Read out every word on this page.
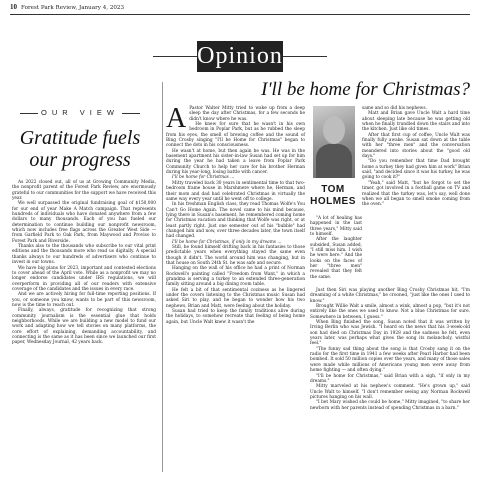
10 Forest Park Review, January 4, 2023
Opinion
OUR VIEW
Gratitude fuels our progress

As 2022 closed out, all of us at Growing Community Media, the nonprofit parent of the Forest Park Review, are enormously grateful to our communities for the support we have received this year.

We well surpassed the original fundraising goal of $150,000 for our end of year Make A Match campaign. That represents hundreds of individuals who have donated anywhere from a few dollars to many thousands. Each of you has fueled our determination to continue building our nonprofit newsroom, which now includes free flags across the Greater West Side — from Garfield Park to Oak Park, from Maywood and Proviso to Forest Park and Riverside.

Thanks also to the thousands who subscribe to our vital print editions and the thousands more who read us digitally. A special thanks always to our hundreds of advertisers who continue to invest in our towns.

We have big plans for 2023, important and contested elections to cover ahead of the April vote. While as a nonprofit we may no longer endorse candidates under IRS regulations, we will overperform in providing all of our readers with extensive coverage of the candidates and the issues in every race.

And we are actively hiring for full-time reporting positions. If you, or someone you know, wants to be part of this newsroom, now is the time to reach out.

Finally, always, gratitude for recognizing that strong community journalism is the essential glue that holds neighborhoods. While we are building a new model to fund our work and adapting how we tell stories on many platforms, the core effort of explaining, demanding accountability, and connecting is the same as it has been since we launched our first paper, Wednesday Journal, 42 years back.

I'll be home for Christmas?
A Pastor Walter Mitty tried to wake up from a deep sleep the day after Christmas, for a few seconds he didn't know where he was.

He knew for sure that he wasn't in his own bedroom in Poplar Park, but as he rubbed the sleep from his eyes, the smell of brewing coffee and the sound of Bing Crosby singing "I'll be Home for Christmas" began to connect the dots in his consciousness.

He wasn't at home, but then again he was. He was in the basement apartment his sister-in-law Susan had set up for him during the year he had taken a leave from Poplar Park Community Church to help her care for his brother Herman during his year-long, losing battle with cancer.

I'll be home for Christmas ...

Mitty traveled back 30 years in sentimental time to that two-bedroom frame house in Marshmere where he, Herman, and their mom and dad had celebrated Christmas in virtually the same way every year until he went off to college.

In his freshman English class, they read Thomas Wolfe's You Can't Go Home Again. The novel came to his mind because, lying there in Susan's basement, he remembered coming home for Christmas vacation and thinking that Wolfe was right, or at least partly right. Just one semester out of his "bubble" had changed him and now, over three decades later, the town itself had changed.

I'll be home for Christmas, if only in my dreams ...

Still, he found himself drifting back in his fantasies to those predictable years when everything stayed the same even though it didn't. The world around him was changing, but in that house on South 24th St. he was safe and secure.

Hanging on the wall of his office he had a print of Norman Rockwell's painting called "Freedom from Want," in which a grandma is serving a turkey to an extended three-generation family sitting around a big dining room table.

He felt a bit of that sentimental coziness as he lingered under the covers listening to the Christmas music Susan had asked Siri to play, and he began to wonder how his two nephews, Brian and Matt, were feeling about the holiday.

Susan had tried to keep the family traditions alive during the holidays, to somehow recreate that feeling of being home again, but Uncle Walt knew it wasn't the

TOM HOLMES

same and so did his nephews.

Matt and Brian gave Uncle Walt a hard time about sleeping late because he was getting old when he finally trundled down the stairs and into the kitchen. Just like old times.

After that first cup of coffee, Uncle Walt was finally fully awake. Susan sat down at the table with her "three men" and the conversation meandered into stories about the "good old days."

"Do you remember that time Dad brought home a turkey they had given him at work" Brian said, "and decided since it was his turkey, he was going to cook it?"

"Yeah," said Matt, "but he forgot to set the timer, got involved in a football game on TV and realized that the turkey was, let's say, well done when we all began to smell smoke coming from the oven."

"A lot of healing has happened in the last three years," Mitty said to himself.

After the laughter subsided, Susan added, "I still miss him. I wish he were here." And the looks on the faces of her "three men" revealed that they felt the same.

Just then Siri was playing another Bing Crosby Christmas hit, "I'm dreaming of a white Christmas," he crooned, "just like the ones I used to know."

Brought Willie Walt a smile, almost a wink, almost a pop, "but it's not entirely like the ones we used to know. Not a blue Christmas for sure. Somewhere in between, I guess."

When Bing finished the song, Susan noted that it was written by Irving Berlin who was Jewish. "I heard on the news that his 3-week-old son had died on Christmas Day in 1928 and the sadness he felt, even years later, was perhaps what gives the song its melancholy, wistful feel."

"The funny sad thing about the song is that Crosby sang it on the radio for the first time in 1941 a few weeks after Pearl Harbor had been bombed. It sold 50 million copies over the years, and many of those sales were made while millions of Americans young men were away from home fighting — and often dying."

"I'll be home for Christmas," said Brian with a sigh, "if only in my dreams."

Mitty marveled at his nephew's comment. "He's grown up," said Uncle Walt to himself. "I don't remember seeing any Norman Rockwell pictures hanging on his wall.

"I bet Mary wished she could be home," Mitty imagined, "to share her newborn with her parents instead of spending Christmas in a barn."
